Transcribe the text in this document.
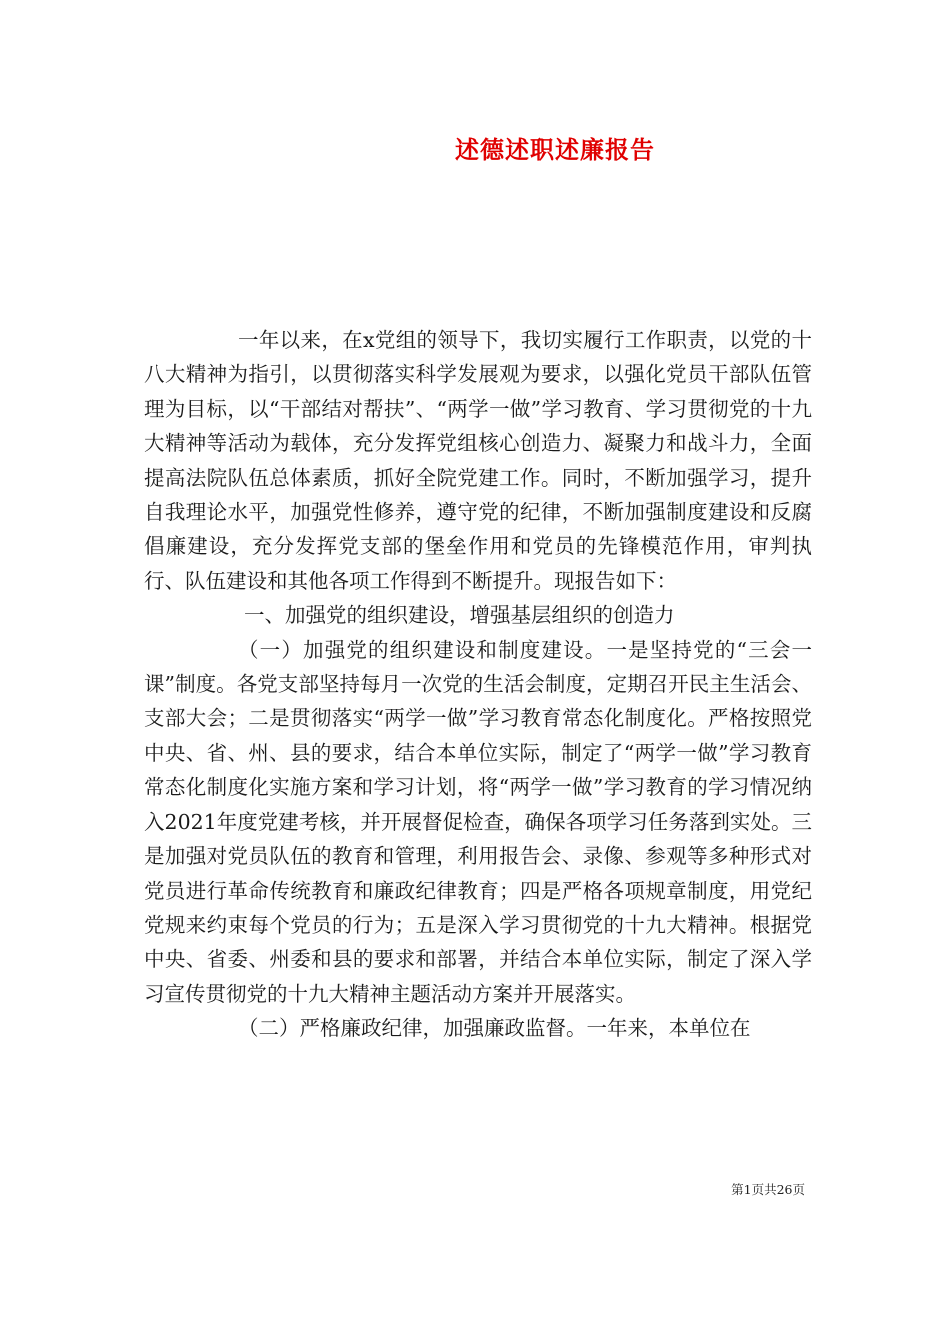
述德述职述廉报告

一年以来，在x党组的领导下，我切实履行工作职责，以党的十八大精神为指引，以贯彻落实科学发展观为要求，以强化党员干部队伍管理为目标，以“干部结对帮扶”、“两学一做”学习教育、学习贯彻党的十九大精神等活动为载体，充分发挥党组核心创造力、凝聚力和战斗力，全面提高法院队伍总体素质，抓好全院党建工作。同时，不断加强学习，提升自我理论水平，加强党性修养，遵守党的纪律，不断加强制度建设和反腐倡廉建设，充分发挥党支部的堡垒作用和党员的先锋模范作用，审判执行、队伍建设和其他各项工作得到不断提升。现报告如下：

一、加强党的组织建设，增强基层组织的创造力

（一）加强党的组织建设和制度建设。一是坚持党的“三会一课”制度。各党支部坚持每月一次党的生活会制度，定期召开民主生活会、支部大会；二是贯彻落实“两学一做”学习教育常态化制度化。严格按照党中央、省、州、县的要求，结合本单位实际，制定了“两学一做”学习教育常态化制度化实施方案和学习计划，将“两学一做”学习教育的学习情况纳入2021年度党建考核，并开展督促检查，确保各项学习任务落到实处。三是加强对党员队伍的教育和管理，利用报告会、录像、参观等多种形式对党员进行革命传统教育和廉政纪律教育；四是严格各项规章制度，用党纪党规来约束每个党员的行为；五是深入学习贯彻党的十九大精神。根据党中央、省委、州委和县的要求和部署，并结合本单位实际，制定了深入学习宣传贯彻党的十九大精神主题活动方案并开展落实。

（二）严格廉政纪律，加强廉政监督。一年来，本单位在

第1页共26页
